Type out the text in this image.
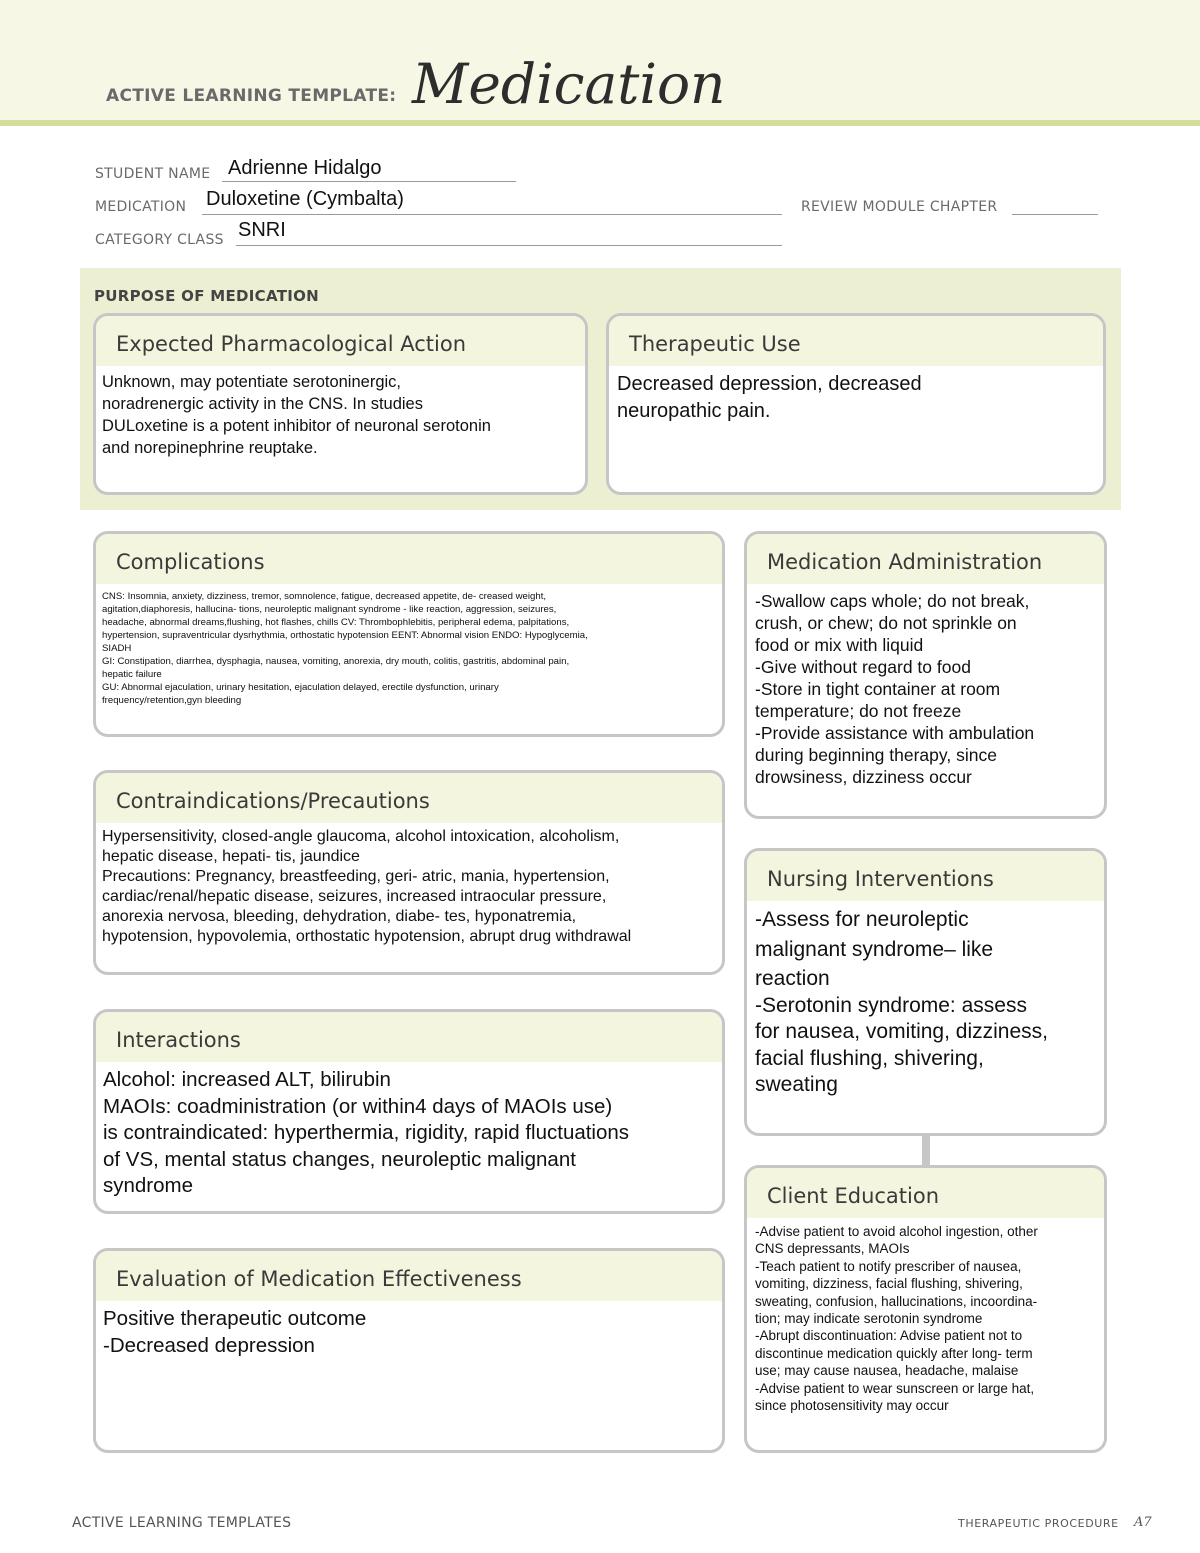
ACTIVE LEARNING TEMPLATE: Medication
STUDENT NAME Adrienne Hidalgo
MEDICATION Duloxetine (Cymbalta)	REVIEW MODULE CHAPTER
CATEGORY CLASS SNRI
PURPOSE OF MEDICATION
Expected Pharmacological Action
Unknown, may potentiate serotoninergic,
noradrenergic activity in the CNS. In studies
DULoxetine is a potent inhibitor of neuronal serotonin
and norepinephrine reuptake.
Therapeutic Use
Decreased depression, decreased
neuropathic pain.
Complications
CNS: Insomnia, anxiety, dizziness, tremor, somnolence, fatigue, decreased appetite, de- creased weight,
agitation,diaphoresis, hallucina- tions, neuroleptic malignant syndrome - like reaction, aggression, seizures,
headache, abnormal dreams,flushing, hot flashes, chills CV: Thrombophlebitis, peripheral edema, palpitations,
hypertension, supraventricular dysrhythmia, orthostatic hypotension EENT: Abnormal vision ENDO: Hypoglycemia,
SIADH
GI: Constipation, diarrhea, dysphagia, nausea, vomiting, anorexia, dry mouth, colitis, gastritis, abdominal pain,
hepatic failure
GU: Abnormal ejaculation, urinary hesitation, ejaculation delayed, erectile dysfunction, urinary
frequency/retention,gyn bleeding
Contraindications/Precautions
Hypersensitivity, closed-angle glaucoma, alcohol intoxication, alcoholism,
hepatic disease, hepati- tis, jaundice
Precautions: Pregnancy, breastfeeding, geri- atric, mania, hypertension,
cardiac/renal/hepatic disease, seizures, increased intraocular pressure,
anorexia nervosa, bleeding, dehydration, diabe- tes, hyponatremia,
hypotension, hypovolemia, orthostatic hypotension, abrupt drug withdrawal
Interactions
Alcohol: increased ALT, bilirubin
MAOIs: coadministration (or within4 days of MAOIs use)
is contraindicated: hyperthermia, rigidity, rapid fluctuations
of VS, mental status changes, neuroleptic malignant
syndrome
Evaluation of Medication Effectiveness
Positive therapeutic outcome
-Decreased depression
Medication Administration
-Swallow caps whole; do not break,
crush, or chew; do not sprinkle on
food or mix with liquid
-Give without regard to food
-Store in tight container at room
temperature; do not freeze
-Provide assistance with ambulation
during beginning therapy, since
drowsiness, dizziness occur
Nursing Interventions
-Assess for neuroleptic
malignant syndrome– like
reaction
-Serotonin syndrome: assess
for nausea, vomiting, dizziness,
facial flushing, shivering,
sweating
Client Education
-Advise patient to avoid alcohol ingestion, other
CNS depressants, MAOIs
-Teach patient to notify prescriber of nausea,
vomiting, dizziness, facial flushing, shivering,
sweating, confusion, hallucinations, incoordina-
tion; may indicate serotonin syndrome
-Abrupt discontinuation: Advise patient not to
discontinue medication quickly after long- term
use; may cause nausea, headache, malaise
-Advise patient to wear sunscreen or large hat,
since photosensitivity may occur
ACTIVE LEARNING TEMPLATES	THERAPEUTIC PROCEDURE A7
